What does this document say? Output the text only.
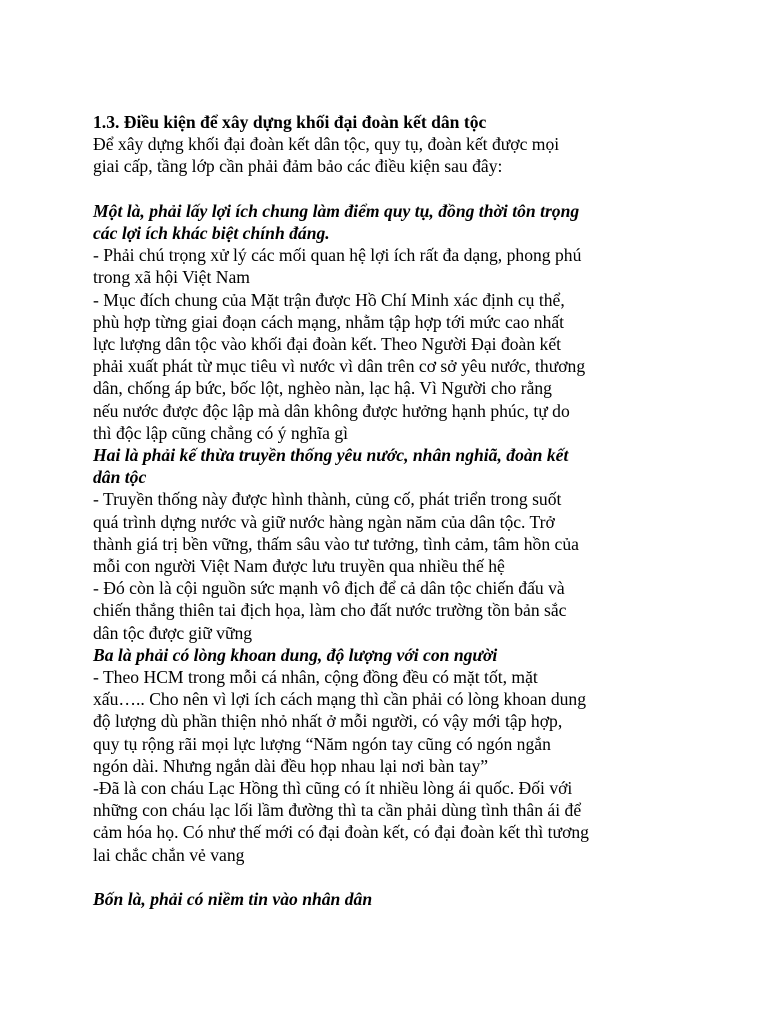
1.3. Điều kiện để xây dựng khối đại đoàn kết dân tộc
Để xây dựng khối đại đoàn kết dân tộc, quy tụ, đoàn kết được mọi
giai cấp, tầng lớp cần phải đảm bảo các điều kiện sau đây:
Một là, phải lấy lợi ích chung làm điểm quy tụ, đồng thời tôn trọng
các lợi ích khác biệt chính đáng.
- Phải chú trọng xử lý các mối quan hệ lợi ích rất đa dạng, phong phú
trong xã hội Việt Nam
- Mục đích chung của Mặt trận được Hồ Chí Minh xác định cụ thể,
phù hợp từng giai đoạn cách mạng, nhằm tập hợp tới mức cao nhất
lực lượng dân tộc vào khối đại đoàn kết. Theo Người Đại đoàn kết
phải xuất phát từ mục tiêu vì nước vì dân trên cơ sở yêu nước, thương
dân, chống áp bức, bốc lột, nghèo nàn, lạc hậ. Vì Người cho rằng
nếu nước được độc lập mà dân không được hưởng hạnh phúc, tự do
thì độc lập cũng chẳng có ý nghĩa gì
Hai là phải kế thừa truyền thống yêu nước, nhân nghiã, đoàn kết
dân tộc
- Truyền thống này được hình thành, củng cố, phát triển trong suốt
quá trình dựng nước và giữ nước hàng ngàn năm của dân tộc. Trở
thành giá trị bền vững, thấm sâu vào tư tưởng, tình cảm, tâm hồn của
mỗi con người Việt Nam được lưu truyền qua nhiều thế hệ
- Đó còn là cội nguồn sức mạnh vô địch để cả dân tộc chiến đấu và
chiến thắng thiên tai địch họa, làm cho đất nước trường tồn bản sắc
dân tộc được giữ vững
Ba là phải có lòng khoan dung, độ lượng với con người
- Theo HCM trong mỗi cá nhân, cộng đồng đều có mặt tốt, mặt
xấu….. Cho nên vì lợi ích cách mạng thì cần phải có lòng khoan dung
độ lượng dù phần thiện nhỏ nhất ở mỗi người, có vậy mới tập hợp,
quy tụ rộng rãi mọi lực lượng “Năm ngón tay cũng có ngón ngắn
ngón dài. Nhưng ngắn dài đều họp nhau lại nơi bàn tay”
-Đã là con cháu Lạc Hồng thì cũng có ít nhiều lòng ái quốc. Đối với
những con cháu lạc lối lầm đường thì ta cần phải dùng tình thân ái để
cảm hóa họ. Có như thế mới có đại đoàn kết, có đại đoàn kết thì tương
lai chắc chắn vẻ vang
Bốn là, phải có niềm tin vào nhân dân
